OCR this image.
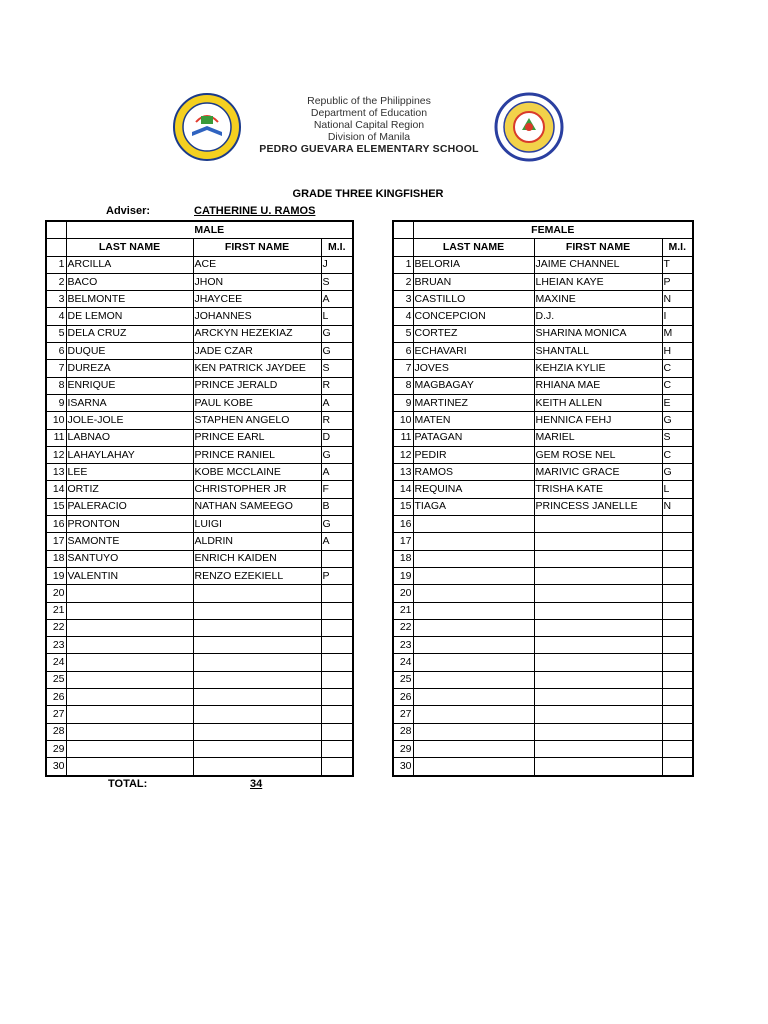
Republic of the Philippines
Department of Education
National Capital Region
Division of Manila
PEDRO GUEVARA ELEMENTARY SCHOOL
GRADE THREE KINGFISHER
Adviser:	CATHERINE U. RAMOS
	MALE		
	LAST NAME	FIRST NAME	M.I.
1	ARCILLA	ACE	J
2	BACO	JHON	S
3	BELMONTE	JHAYCEE	A
4	DE LEMON	JOHANNES	L
5	DELA CRUZ	ARCKYN HEZEKIAZ	G
6	DUQUE	JADE CZAR	G
7	DUREZA	KEN PATRICK JAYDEE	S
8	ENRIQUE	PRINCE JERALD	R
9	ISARNA	PAUL KOBE	A
10	JOLE-JOLE	STAPHEN ANGELO	R
11	LABNAO	PRINCE EARL	D
12	LAHAYLAHAY	PRINCE RANIEL	G
13	LEE	KOBE MCCLAINE	A
14	ORTIZ	CHRISTOPHER JR	F
15	PALERACIO	NATHAN SAMEEGO	B
16	PRONTON	LUIGI	G
17	SAMONTE	ALDRIN	A
18	SANTUYO	ENRICH KAIDEN	
19	VALENTIN	RENZO EZEKIELL	P
20			
21			
22			
23			
24			
25			
26			
27			
28			
29			
30			
	FEMALE		
	LAST NAME	FIRST NAME	M.I.
1	BELORIA	JAIME CHANNEL	T
2	BRUAN	LHEIAN KAYE	P
3	CASTILLO	MAXINE	N
4	CONCEPCION	D.J.	I
5	CORTEZ	SHARINA MONICA	M
6	ECHAVARI	SHANTALL	H
7	JOVES	KEHZIA KYLIE	C
8	MAGBAGAY	RHIANA MAE	C
9	MARTINEZ	KEITH ALLEN	E
10	MATEN	HENNICA FEHJ	G
11	PATAGAN	MARIEL	S
12	PEDIR	GEM ROSE NEL	C
13	RAMOS	MARIVIC GRACE	G
14	REQUINA	TRISHA KATE	L
15	TIAGA	PRINCESS JANELLE	N
16			
17			
18			
19			
20			
21			
22			
23			
24			
25			
26			
27			
28			
29			
30			
TOTAL:	34
